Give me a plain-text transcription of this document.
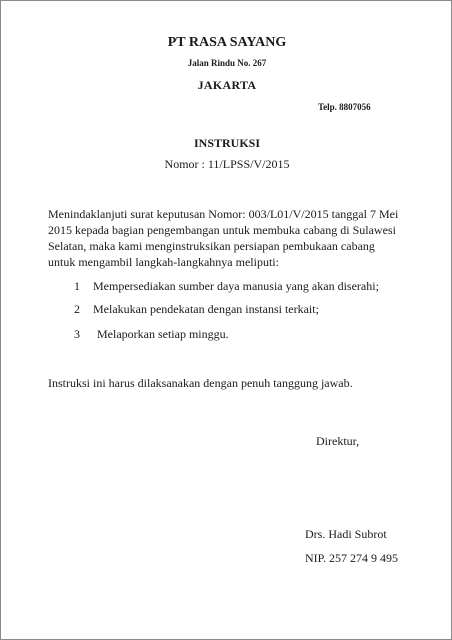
PT RASA SAYANG
Jalan Rindu No. 267
JAKARTA
Telp. 8807056
INSTRUKSI
Nomor : 11/LPSS/V/2015
Menindaklanjuti surat keputusan Nomor: 003/L01/V/2015 tanggal 7 Mei
2015 kepada bagian pengembangan untuk membuka cabang di Sulawesi
Selatan, maka kami menginstruksikan persiapan pembukaan cabang
untuk mengambil langkah-langkahnya meliputi:
1 Mempersediakan sumber daya manusia yang akan diserahi;
2 Melakukan pendekatan dengan instansi terkait;
3 Melaporkan setiap minggu.
Instruksi ini harus dilaksanakan dengan penuh tanggung jawab.
Direktur,
Drs. Hadi Subrot
NIP. 257 274 9 495
